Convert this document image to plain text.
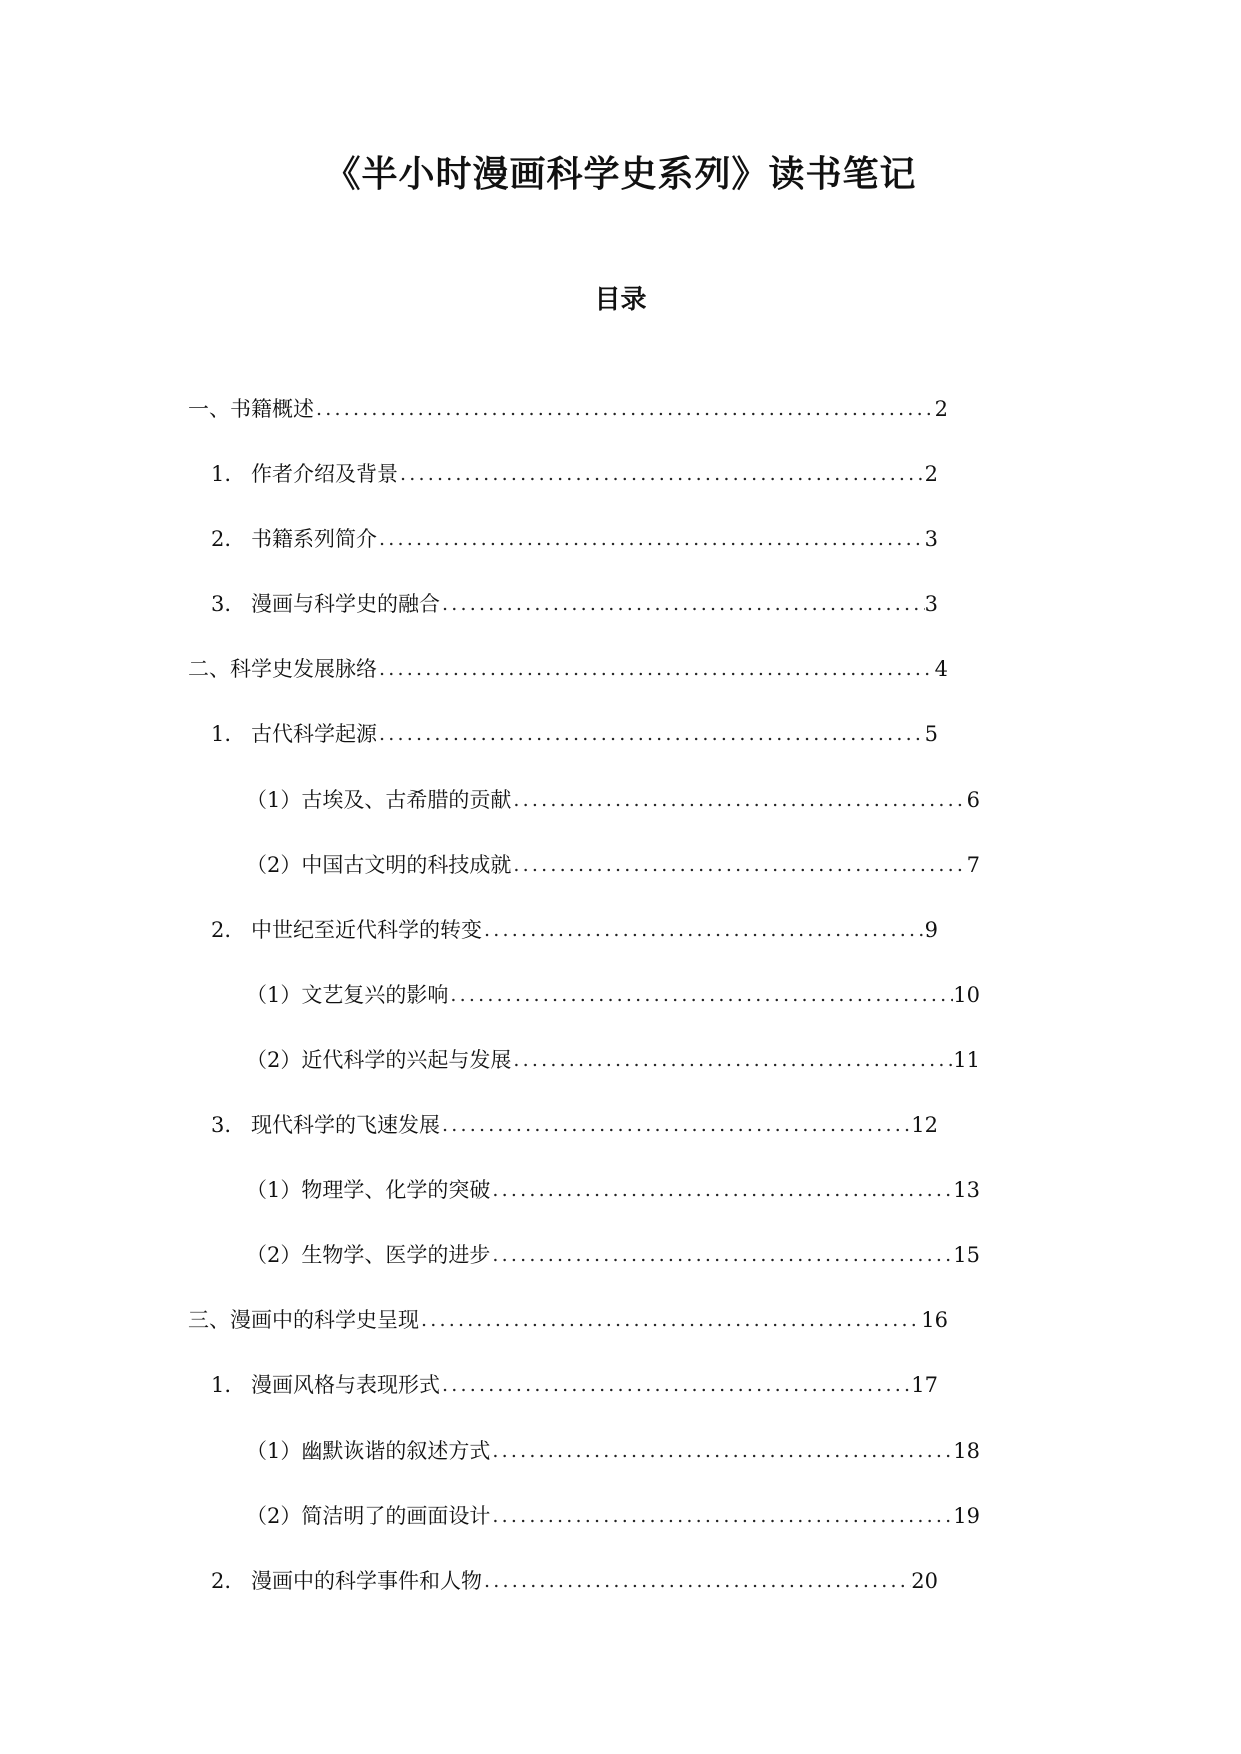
《半小时漫画科学史系列》读书笔记
目录
一、 书籍概述 .....	2
1. 作者介绍及背景 .....	2
2. 书籍系列简介 .....	3
3. 漫画与科学史的融合 .....	3
二、 科学史发展脉络 .....	4
1. 古代科学起源 .....	5
（1） 古埃及、古希腊的贡献 .....	6
（2） 中国古文明的科技成就 .....	7
2. 中世纪至近代科学的转变 .....	9
（1） 文艺复兴的影响 .....	10
（2） 近代科学的兴起与发展 .....	11
3. 现代科学的飞速发展 .....	12
（1） 物理学、化学的突破 .....	13
（2） 生物学、医学的进步 .....	15
三、 漫画中的科学史呈现 .....	16
1. 漫画风格与表现形式 .....	17
（1） 幽默诙谐的叙述方式 .....	18
（2） 简洁明了的画面设计 .....	19
2. 漫画中的科学事件和人物 .....	20
